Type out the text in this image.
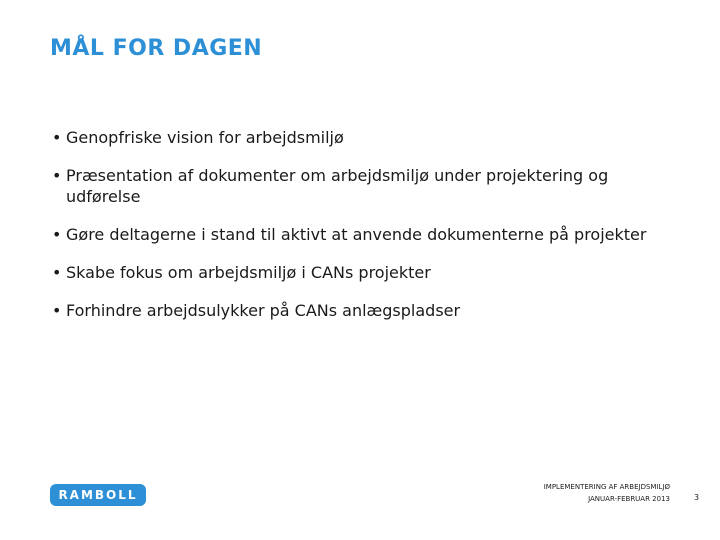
MÅL FOR DAGEN
• Genopfriske vision for arbejdsmiljø
• Præsentation af dokumenter om arbejdsmiljø under projektering og udførelse
• Gøre deltagerne i stand til aktivt at anvende dokumenterne på projekter
• Skabe fokus om arbejdsmiljø i CANs projekter
• Forhindre arbejdsulykker på CANs anlægspladser
RAMBOLL
IMPLEMENTERING AF ARBEJDSMILJØ
JANUAR-FEBRUAR 2013	3
